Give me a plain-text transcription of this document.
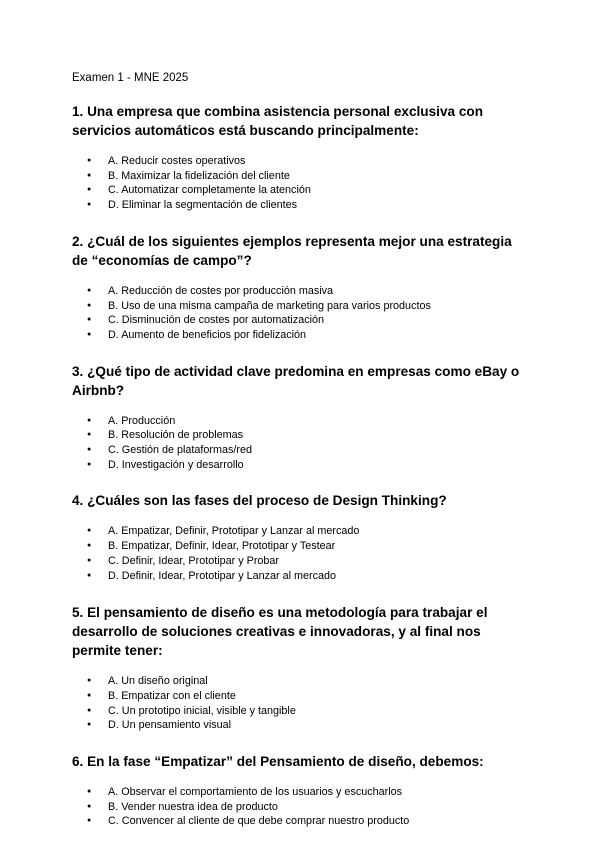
Examen 1 - MNE 2025

1. Una empresa que combina asistencia personal exclusiva con servicios automáticos está buscando principalmente:

● A. Reducir costes operativos
● B. Maximizar la fidelización del cliente
● C. Automatizar completamente la atención
● D. Eliminar la segmentación de clientes

2. ¿Cuál de los siguientes ejemplos representa mejor una estrategia de “economías de campo”?

● A. Reducción de costes por producción masiva
● B. Uso de una misma campaña de marketing para varios productos
● C. Disminución de costes por automatización
● D. Aumento de beneficios por fidelización

3. ¿Qué tipo de actividad clave predomina en empresas como eBay o Airbnb?

● A. Producción
● B. Resolución de problemas
● C. Gestión de plataformas/red
● D. Investigación y desarrollo

4. ¿Cuáles son las fases del proceso de Design Thinking?

● A. Empatizar, Definir, Prototipar y Lanzar al mercado
● B. Empatizar, Definir, Idear, Prototipar y Testear
● C. Definir, Idear, Prototipar y Probar
● D. Definir, Idear, Prototipar y Lanzar al mercado

5. El pensamiento de diseño es una metodología para trabajar el desarrollo de soluciones creativas e innovadoras, y al final nos permite tener:

● A. Un diseño original
● B. Empatizar con el cliente
● C. Un prototipo inicial, visible y tangible
● D. Un pensamiento visual

6. En la fase “Empatizar” del Pensamiento de diseño, debemos:

● A. Observar el comportamiento de los usuarios y escucharlos
● B. Vender nuestra idea de producto
● C. Convencer al cliente de que debe comprar nuestro producto
